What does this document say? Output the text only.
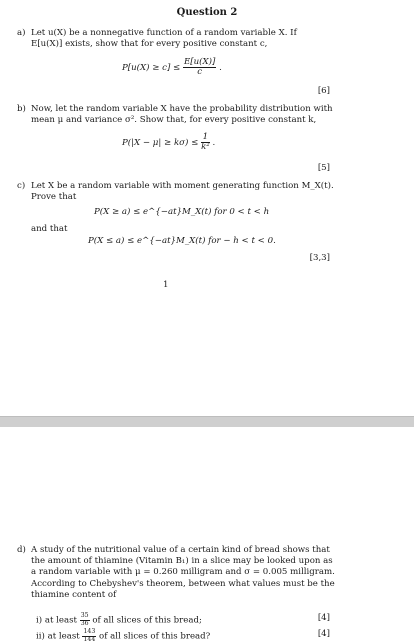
Question 2
a) Let u(X) be a nonnegative function of a random variable X. If
E[u(X)] exists, show that for every positive constant c,
$P[u(X) \ge c] \le \frac{E[u(X)]}{c}$ .
[6]
b) Now, let the random variable X have the probability distribution with
mean μ and variance σ². Show that, for every positive constant k,
$P(|X - \mu| \ge k\sigma) \le \frac{1}{\text{k²}}$ .
[5]
c) Let X be a random variable with moment generating function M_X(t).
Prove that
P(X ≥ a) ≤ e^{−at}M_X(t) for 0 < t < h
and that
P(X ≤ a) ≤ e^{−at}M_X(t) for − h < t < 0.
[3,3]
1
d) A study of the nutritional value of a certain kind of bread shows that
the amount of thiamine (Vitamin B₁) in a slice may be looked upon as
a random variable with μ = 0.260 milligram and σ = 0.005 milligram.
According to Chebyshev's theorem, between what values must be the
thiamine content of
i) at least $\frac{35}{36}$ of all slices of this bread;	[4]
ii) at least $\frac{143}{144}$ of all slices of this bread?	[4]
